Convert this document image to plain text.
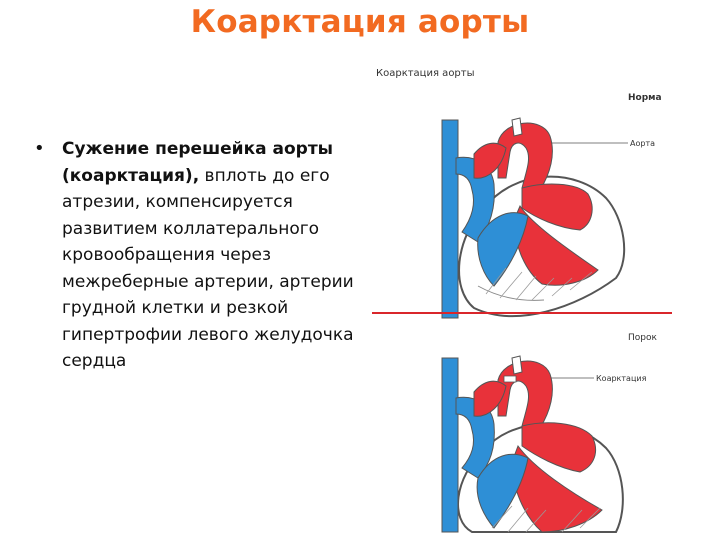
Коарктация аорты
• Сужение перешейка аорты (коарктация), вплоть до его атрезии, компенсируется развитием коллатерального кровообращения через межреберные артерии, артерии грудной клетки и резкой гипертрофии левого желудочка сердца
Коарктация аорты
Норма
Аорта
Порок
Коарктация
